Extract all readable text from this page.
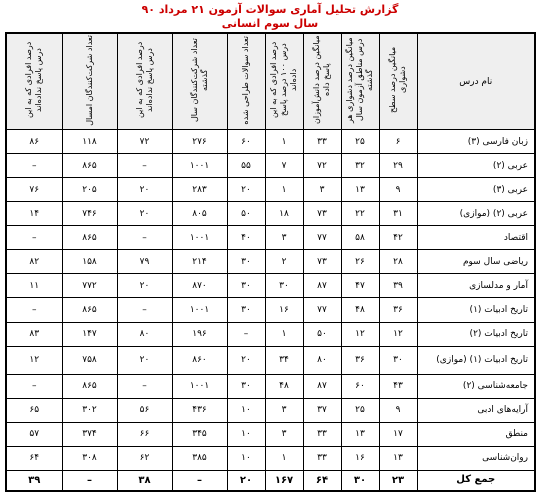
گزارش تحلیل آماری سوالات آزمون ۲۱ مرداد ۹۰
سال سوم انسانی
نام درس	میانگین درصد سطح دشواری	میانگین درصد دشواری هر درس مناطق آزمون سال گذشته	میانگین درصد دانش‌آموزان پاسخ داده	درصد افرادی که به این درس ۱۰۰ درصد پاسخ داده‌اند	تعداد سوالات طراحی شده	تعداد شرکت‌کنندگان سال گذشته	درصد افرادی که به این درس پاسخ نداده‌اند	تعداد شرکت‌کنندگان امسال	درصد افرادی که به این درس پاسخ نداده‌اند
زبان فارسی (۳)	۶	۲۵	۳۳	۱	۶۰	۲۷۶	۷۲	۱۱۸	۸۶
عربی (۲)	۲۹	۳۲	۷۲	۷	۵۵	۱۰۰۱	–	۸۶۵	–
عربی (۳)	۹	۱۳	۳	۱	۲۰	۲۸۳	۲۰	۲۰۵	۷۶
عربی (۲) (موازی)	۳۱	۲۲	۷۳	۱۸	۵۰	۸۰۵	۲۰	۷۴۶	۱۴
اقتصاد	۴۲	۵۸	۷۷	۳	۴۰	۱۰۰۱	–	۸۶۵	–
ریاضی سال سوم	۲۸	۲۶	۷۳	۲	۳۰	۲۱۴	۷۹	۱۵۸	۸۲
آمار و مدلسازی	۳۹	۴۷	۸۷	۳۰	۳۰	۸۷۰	۲۰	۷۷۲	۱۱
تاریخ ادبیات (۱)	۳۶	۴۸	۷۷	۱۶	۳۰	۱۰۰۱	–	۸۶۵	–
تاریخ ادبیات (۲)	۱۲	۱۲	۵۰	۱	–	۱۹۶	۸۰	۱۴۷	۸۳
تاریخ ادبیات (۱) (موازی)	۳۰	۳۶	۸۰	۳۴	۲۰	۸۶۰	۲۰	۷۵۸	۱۲
جامعه‌شناسی (۲)	۴۳	۶۰	۸۷	۴۸	۳۰	۱۰۰۱	–	۸۶۵	–
آرایه‌های ادبی	۹	۲۵	۳۷	۳	۱۰	۴۳۶	۵۶	۳۰۲	۶۵
منطق	۱۷	۱۳	۳۳	۳	۱۰	۳۴۵	۶۶	۳۷۴	۵۷
روان‌شناسی	۱۳	۱۶	۳۳	۱	۱۰	۳۸۵	۶۲	۳۰۸	۶۴
جمع کل	۲۳	۳۰	۶۴	۱۶۷	۲۰	–	۳۸	–	۳۹
